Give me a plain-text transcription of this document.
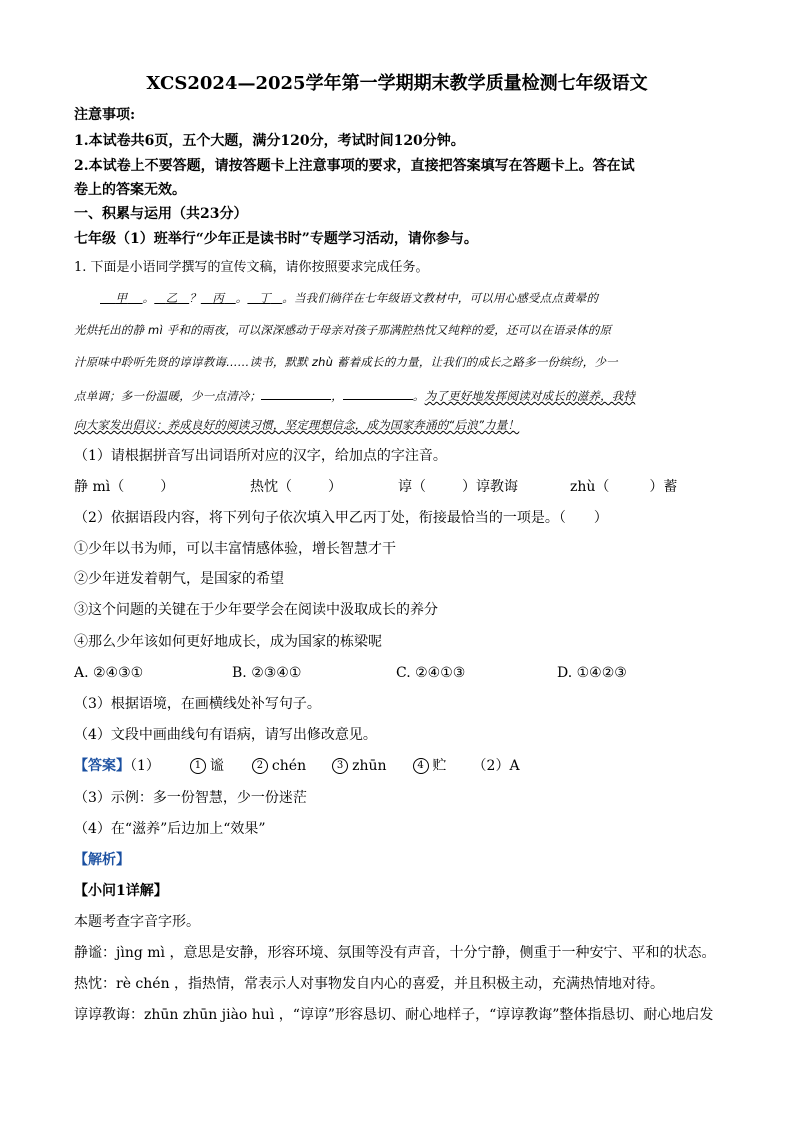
XCS2024—2025学年第一学期期末教学质量检测七年级语文
注意事项:
1.本试卷共6页，五个大题，满分120分，考试时间120分钟。
2.本试卷上不要答题，请按答题卡上注意事项的要求，直接把答案填写在答题卡上。答在试
卷上的答案无效。
一、积累与运用（共23分）
七年级（1）班举行“少年正是读书时”专题学习活动，请你参与。
1. 下面是小语同学撰写的宣传文稿，请你按照要求完成任务。
甲 。 乙 ？ 丙 。 丁 。当我们徜徉在七年级语文教材中，可以用心感受点点黄晕的
光烘托出的静 mì 乎和的雨夜，可以深深感动于母亲对孩子那满腔热忱又纯粹的爱，还可以在语录体的原
汁原味中聆听先贤的谆谆教诲……读书，默默 zhù 蓄着成长的力量，让我们的成长之路多一份缤纷，少一
点单调；多一份温暖，少一点清冷；	，	。为了更好地发挥阅读对成长的滋养，我特
向大家发出倡议：养成良好的阅读习惯，坚定理想信念，成为国家奔涌的“后浪”力量！
（1）请根据拼音写出词语所对应的汉字，给加点的字注音。
静 mì（	）	热忱（	）	谆（	）谆教诲	zhù（	）蓄
（2）依据语段内容，将下列句子依次填入甲乙丙丁处，衔接最恰当的一项是。（　　）
①少年以书为师，可以丰富情感体验，增长智慧才干
②少年迸发着朝气，是国家的希望
③这个问题的关键在于少年要学会在阅读中汲取成长的养分
④那么少年该如何更好地成长，成为国家的栋梁呢
A. ②④③①	B. ②③④①	C. ②④①③	D. ①④②③
（3）根据语境，在画横线处补写句子。
（4）文段中画曲线句有语病，请写出修改意见。
【答案】（1）	1 谧	2 chén	3 zhūn	4 贮 （2）A
（3）示例：多一份智慧，少一份迷茫
（4）在“滋养”后边加上“效果”
【解析】
【小问1详解】
本题考查字音字形。
静谧：jìng mì ，意思是安静，形容环境、氛围等没有声音，十分宁静，侧重于一种安宁、平和的状态。
热忱：rè chén ，指热情，常表示人对事物发自内心的喜爱，并且积极主动，充满热情地对待。
谆谆教诲：zhūn zhūn jiào huì ，“谆谆”形容恳切、耐心地样子，“谆谆教诲”整体指恳切、耐心地启发
